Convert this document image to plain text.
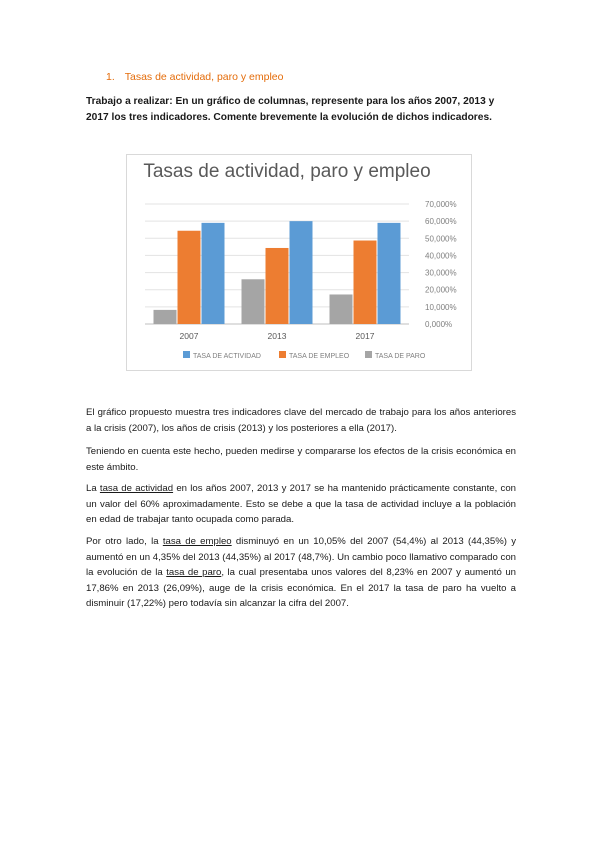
1. Tasas de actividad, paro y empleo
Trabajo a realizar: En un gráfico de columnas, represente para los años 2007, 2013 y 2017 los tres indicadores. Comente brevemente la evolución de dichos indicadores.
Tasas de actividad, paro y empleo
0,000%
10,000%
20,000%
30,000%
40,000%
50,000%
60,000%
70,000%
2007	2013	2017
TASA DE ACTIVIDAD	TASA DE EMPLEO	TASA DE PARO
El gráfico propuesto muestra tres indicadores clave del mercado de trabajo para los años anteriores a la crisis (2007), los años de crisis (2013) y los posteriores a ella (2017).
Teniendo en cuenta este hecho, pueden medirse y compararse los efectos de la crisis económica en este ámbito.
La tasa de actividad en los años 2007, 2013 y 2017 se ha mantenido prácticamente constante, con un valor del 60% aproximadamente. Esto se debe a que la tasa de actividad incluye a la población en edad de trabajar tanto ocupada como parada.
Por otro lado, la tasa de empleo disminuyó en un 10,05% del 2007 (54,4%) al 2013 (44,35%) y aumentó en un 4,35% del 2013 (44,35%) al 2017 (48,7%). Un cambio poco llamativo comparado con la evolución de la tasa de paro, la cual presentaba unos valores del 8,23% en 2007 y aumentó un 17,86% en 2013 (26,09%), auge de la crisis económica. En el 2017 la tasa de paro ha vuelto a disminuir (17,22%) pero todavía sin alcanzar la cifra del 2007.
